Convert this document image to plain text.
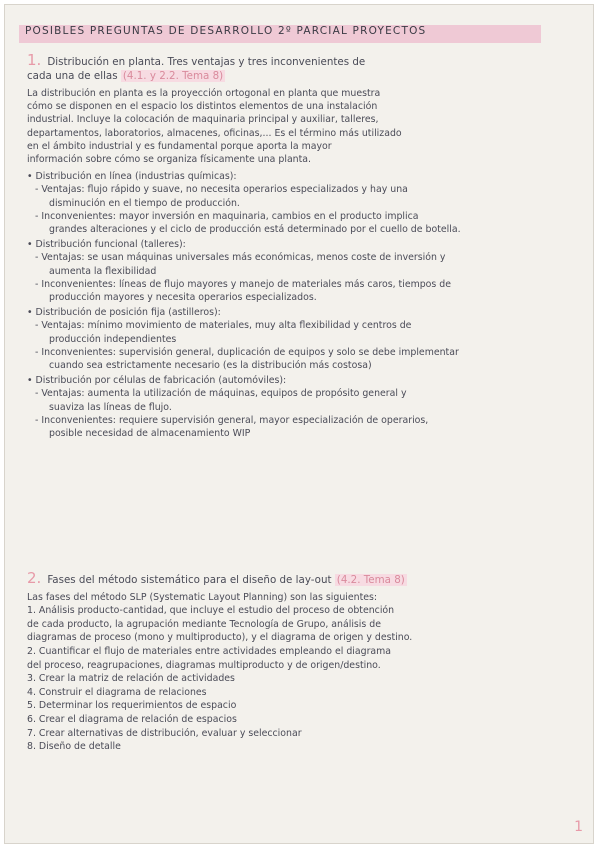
POSIBLES PREGUNTAS DE DESARROLLO 2º PARCIAL PROYECTOS

1. Distribución en planta. Tres ventajas y tres inconvenientes de

cada una de ellas (4.1. y 2.2. Tema 8)

La distribución en planta es la proyección ortogonal en planta que muestra

cómo se disponen en el espacio los distintos elementos de una instalación

industrial. Incluye la colocación de maquinaria principal y auxiliar, talleres,

departamentos, laboratorios, almacenes, oficinas,... Es el término más utilizado

en el ámbito industrial y es fundamental porque aporta la mayor

información sobre cómo se organiza físicamente una planta.

• Distribución en línea (industrias químicas):

- Ventajas: flujo rápido y suave, no necesita operarios especializados y hay una

disminución en el tiempo de producción.

- Inconvenientes: mayor inversión en maquinaria, cambios en el producto implica

grandes alteraciones y el ciclo de producción está determinado por el cuello de botella.

• Distribución funcional (talleres):

- Ventajas: se usan máquinas universales más económicas, menos coste de inversión y

aumenta la flexibilidad

- Inconvenientes: líneas de flujo mayores y manejo de materiales más caros, tiempos de

producción mayores y necesita operarios especializados.

• Distribución de posición fija (astilleros):

- Ventajas: mínimo movimiento de materiales, muy alta flexibilidad y centros de

producción independientes

- Inconvenientes: supervisión general, duplicación de equipos y solo se debe implementar

cuando sea estrictamente necesario (es la distribución más costosa)

• Distribución por células de fabricación (automóviles):

- Ventajas: aumenta la utilización de máquinas, equipos de propósito general y

suaviza las líneas de flujo.

- Inconvenientes: requiere supervisión general, mayor especialización de operarios,

posible necesidad de almacenamiento WIP

2. Fases del método sistemático para el diseño de lay-out (4.2. Tema 8)

Las fases del método SLP (Systematic Layout Planning) son las siguientes:

1. Análisis producto-cantidad, que incluye el estudio del proceso de obtención

de cada producto, la agrupación mediante Tecnología de Grupo, análisis de

diagramas de proceso (mono y multiproducto), y el diagrama de origen y destino.

2. Cuantificar el flujo de materiales entre actividades empleando el diagrama

del proceso, reagrupaciones, diagramas multiproducto y de origen/destino.

3. Crear la matriz de relación de actividades

4. Construir el diagrama de relaciones

5. Determinar los requerimientos de espacio

6. Crear el diagrama de relación de espacios

7. Crear alternativas de distribución, evaluar y seleccionar

8. Diseño de detalle

1
